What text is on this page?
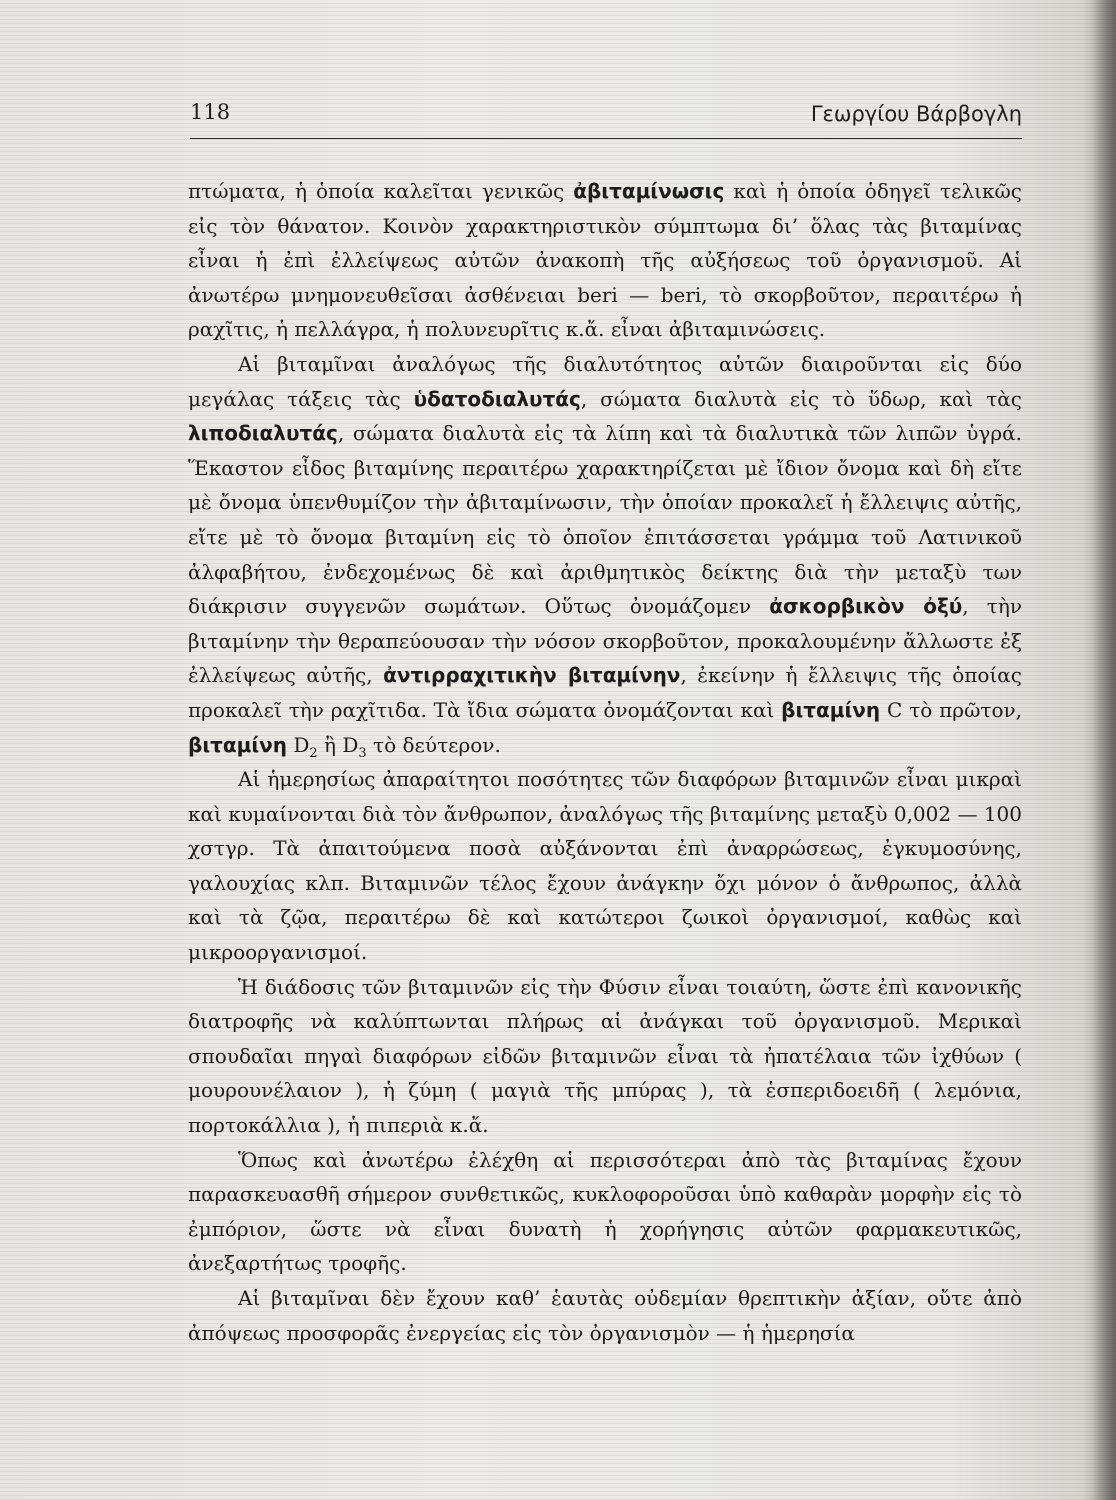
118	Γεωργίου Βάρβογλη

πτώματα, ἡ ὁποία καλεῖται γενικῶς ἀβιταμίνωσις καὶ ἡ ὁποία ὁδηγεῖ τελικῶς εἰς τὸν θάνατον. Κοινὸν χαρακτηριστικὸν σύμπτωμα δι’ ὅλας τὰς βιταμίνας εἶναι ἡ ἐπὶ ἐλλείψεως αὐτῶν ἀνακοπὴ τῆς αὐξήσεως τοῦ ὀργανισμοῦ. Αἱ ἀνωτέρω μνημονευθεῖσαι ἀσθένειαι beri — beri, τὸ σκορβοῦτον, περαιτέρω ἡ ραχῖτις, ἡ πελλάγρα, ἡ πολυνευρῖτις κ.ἄ. εἶναι ἀβιταμινώσεις.

Αἱ βιταμῖναι ἀναλόγως τῆς διαλυτότητος αὐτῶν διαιροῦνται εἰς δύο μεγάλας τάξεις τὰς ὑδατοδιαλυτάς, σώματα διαλυτὰ εἰς τὸ ὕδωρ, καὶ τὰς λιποδιαλυτάς, σώματα διαλυτὰ εἰς τὰ λίπη καὶ τὰ διαλυτικὰ τῶν λιπῶν ὑγρά. Ἕκαστον εἶδος βιταμίνης περαιτέρω χαρακτηρίζεται μὲ ἴδιον ὄνομα καὶ δὴ εἴτε μὲ ὄνομα ὑπενθυμίζον τὴν ἀβιταμίνωσιν, τὴν ὁποίαν προκαλεῖ ἡ ἔλλειψις αὐτῆς, εἴτε μὲ τὸ ὄνομα βιταμίνη εἰς τὸ ὁποῖον ἐπιτάσσεται γράμμα τοῦ Λατινικοῦ ἀλφαβήτου, ἐνδεχομένως δὲ καὶ ἀριθμητικὸς δείκτης διὰ τὴν μεταξὺ των διάκρισιν συγγενῶν σωμάτων. Οὕτως ὀνομάζομεν ἀσκορβικὸν ὀξύ, τὴν βιταμίνην τὴν θεραπεύουσαν τὴν νόσον σκορβοῦτον, προκαλουμένην ἄλλωστε ἐξ ἐλλείψεως αὐτῆς, ἀντιρραχιτικὴν βιταμίνην, ἐκείνην ἡ ἔλλειψις τῆς ὁποίας προκαλεῖ τὴν ραχῖτιδα. Τὰ ἴδια σώματα ὀνομάζονται καὶ βιταμίνη C τὸ πρῶτον, βιταμίνη $D_2$ ἢ $D_3$ τὸ δεύτερον.

Αἱ ἡμερησίως ἀπαραίτητοι ποσότητες τῶν διαφόρων βιταμινῶν εἶναι μικραὶ καὶ κυμαίνονται διὰ τὸν ἄνθρωπον, ἀναλόγως τῆς βιταμίνης μεταξὺ 0,002 — 100 χστγρ. Τὰ ἀπαιτούμενα ποσὰ αὐξάνονται ἐπὶ ἀναρρώσεως, ἐγκυμοσύνης, γαλουχίας κλπ. Βιταμινῶν τέλος ἔχουν ἀνάγκην ὄχι μόνον ὁ ἄνθρωπος, ἀλλὰ καὶ τὰ ζῷα, περαιτέρω δὲ καὶ κατώτεροι ζωικοὶ ὀργανισμοί, καθὼς καὶ μικροοργανισμοί.

Ἡ διάδοσις τῶν βιταμινῶν εἰς τὴν Φύσιν εἶναι τοιαύτη, ὥστε ἐπὶ κανονικῆς διατροφῆς νὰ καλύπτωνται πλήρως αἱ ἀνάγκαι τοῦ ὀργανισμοῦ. Μερικαὶ σπουδαῖαι πηγαὶ διαφόρων εἰδῶν βιταμινῶν εἶναι τὰ ἠπατέλαια τῶν ἰχθύων ( μουρουνέλαιον ), ἡ ζύμη ( μαγιὰ τῆς μπύρας ), τὰ ἑσπεριδοειδῆ ( λεμόνια, πορτοκάλλια ), ἡ πιπεριὰ κ.ἄ.

Ὅπως καὶ ἀνωτέρω ἐλέχθη αἱ περισσότεραι ἀπὸ τὰς βιταμίνας ἔχουν παρασκευασθῆ σήμερον συνθετικῶς, κυκλοφοροῦσαι ὑπὸ καθαρὰν μορφὴν εἰς τὸ ἐμπόριον, ὥστε νὰ εἶναι δυνατὴ ἡ χορήγησις αὐτῶν φαρμακευτικῶς, ἀνεξαρτήτως τροφῆς.

Αἱ βιταμῖναι δὲν ἔχουν καθ’ ἑαυτὰς οὐδεμίαν θρεπτικὴν ἀξίαν, οὔτε ἀπὸ ἀπόψεως προσφορᾶς ἐνεργείας εἰς τὸν ὀργανισμὸν — ἡ ἡμερησία
